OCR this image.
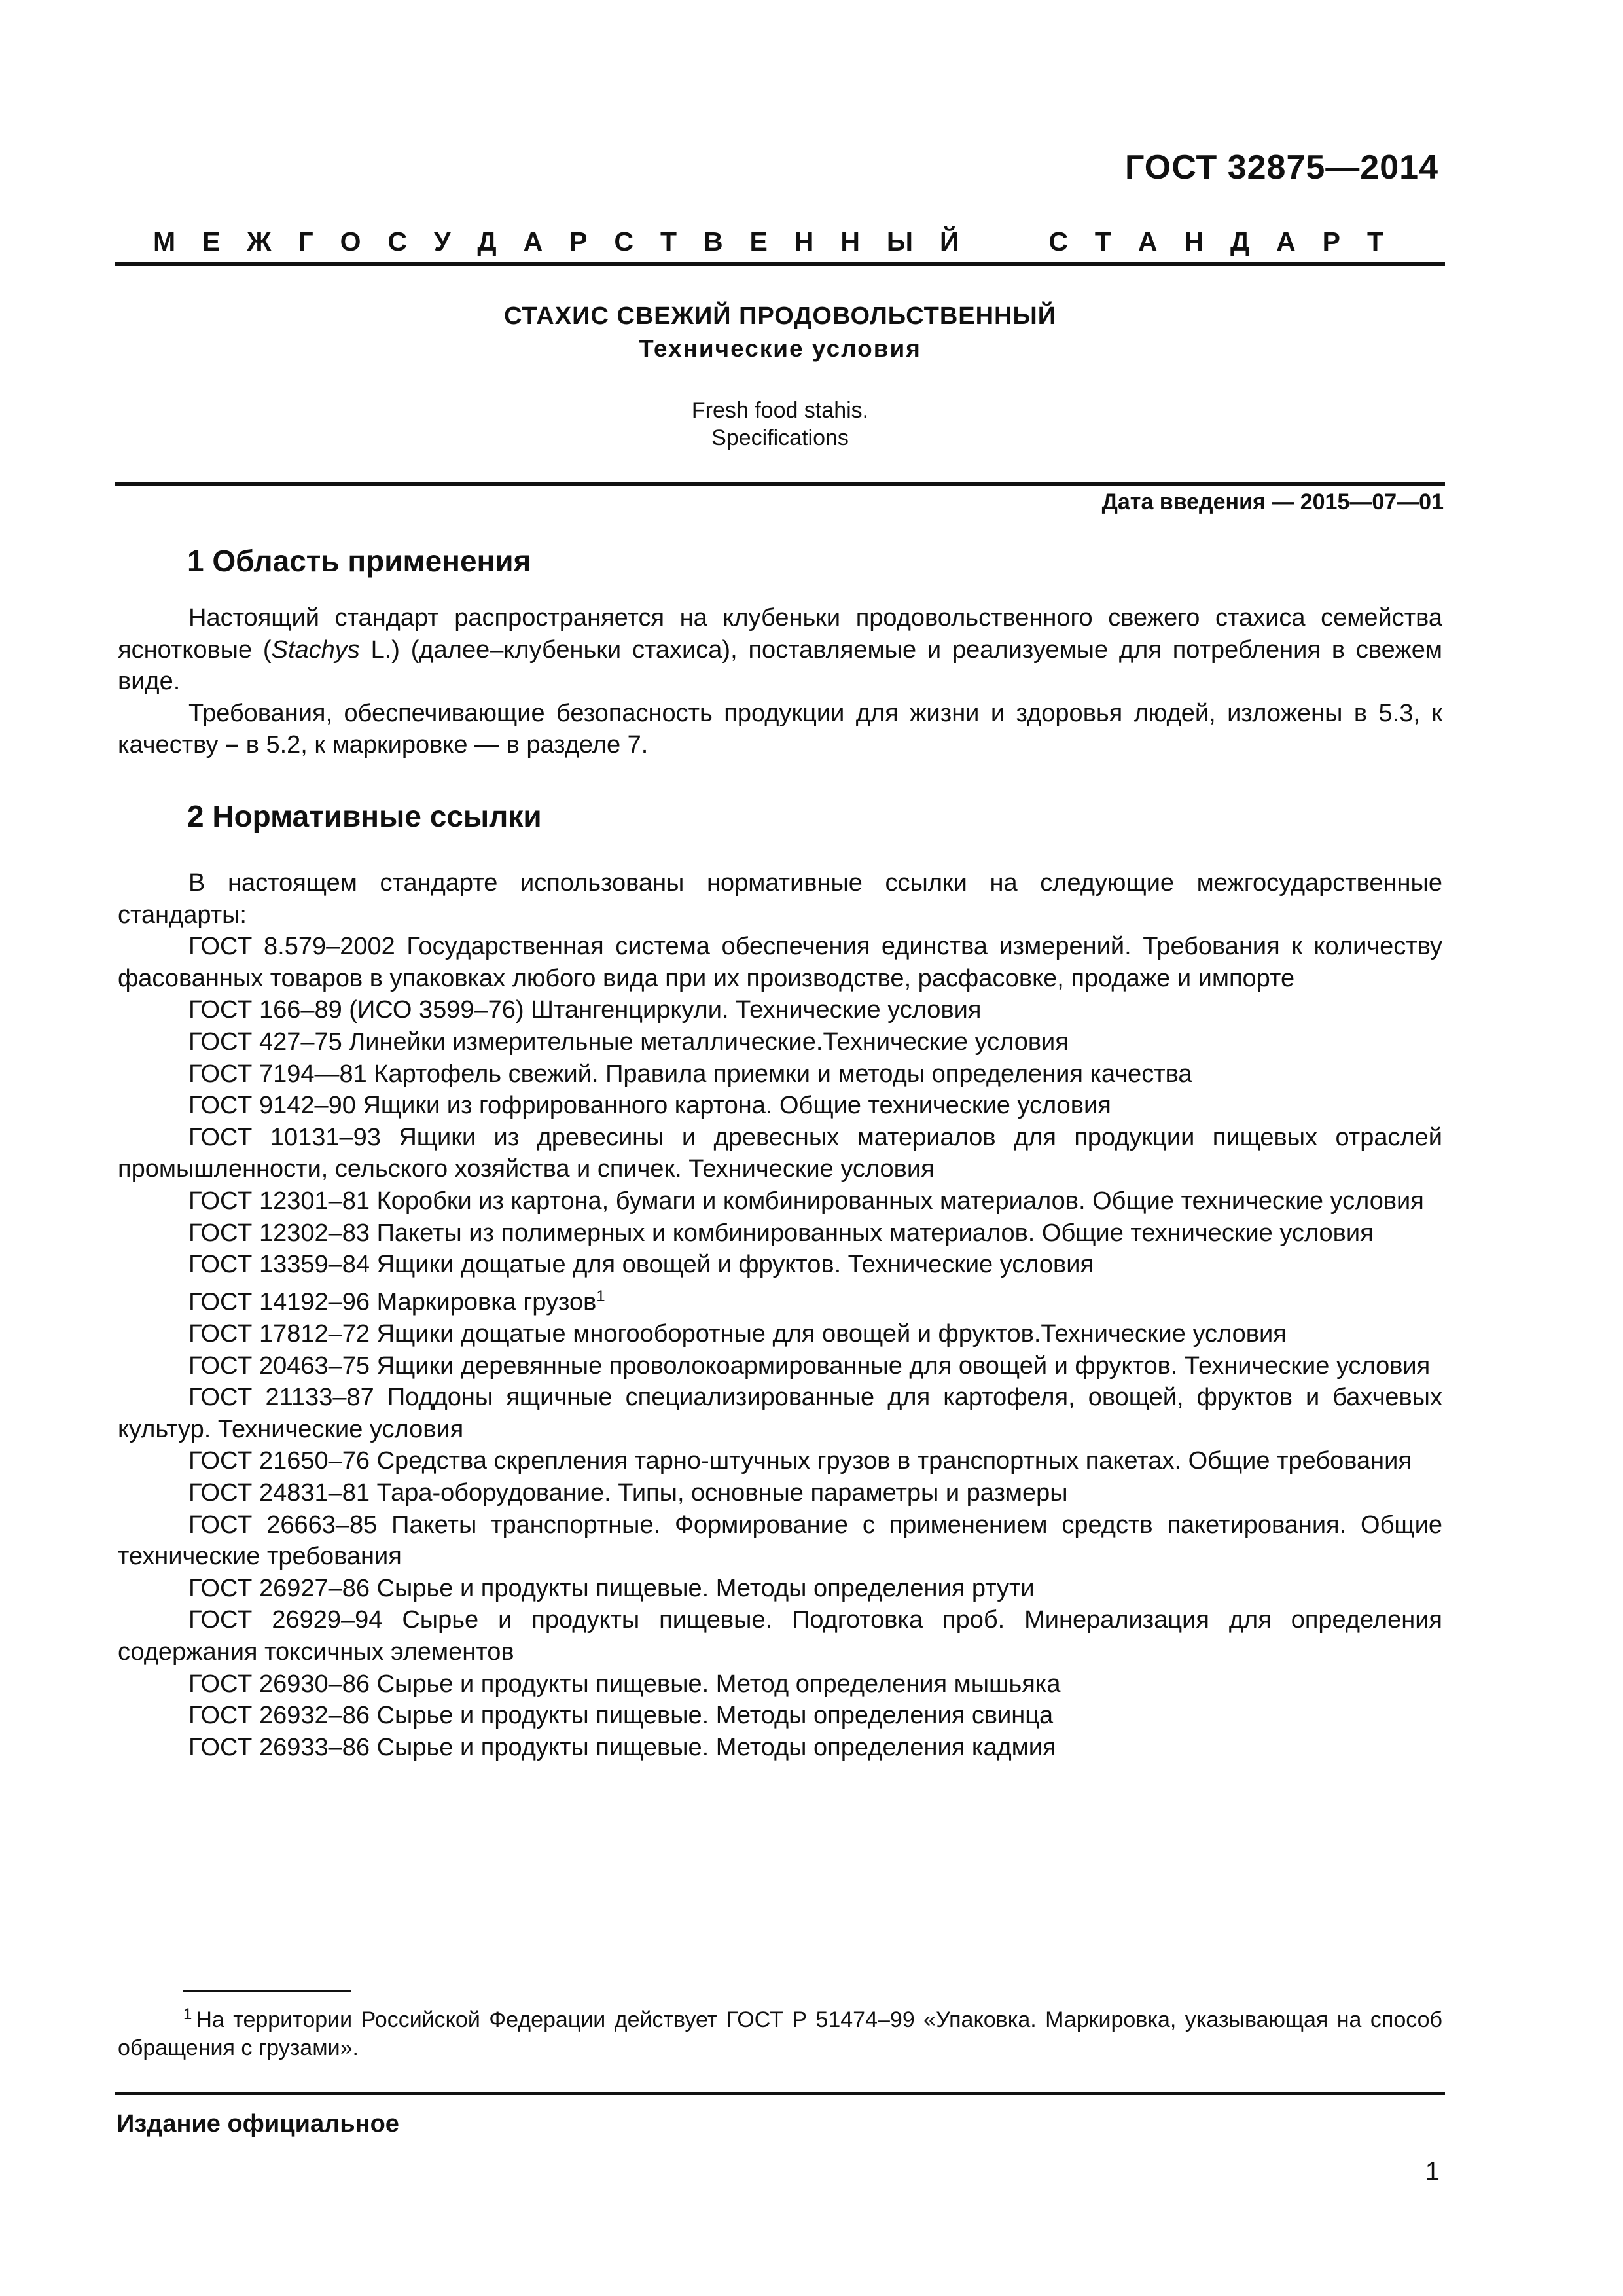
ГОСТ 32875—2014
М Е Ж Г О С У Д А Р С Т В Е Н Н Ы Й	С Т А Н Д А Р Т
СТАХИС СВЕЖИЙ ПРОДОВОЛЬСТВЕННЫЙ
Технические условия
Fresh food stahis.
Specifications
Дата введения — 2015—07—01
1 Область применения

Настоящий стандарт распространяется на клубеньки продовольственного свежего стахиса семейства яснотковые (Stachys L.) (далее–клубеньки стахиса), поставляемые и реализуемые для потребления в свежем виде.

Требования, обеспечивающие безопасность продукции для жизни и здоровья людей, изложены в 5.3, к качеству – в 5.2, к маркировке — в разделе 7.

2 Нормативные ссылки

В настоящем стандарте использованы нормативные ссылки на следующие межгосударственные стандарты:

ГОСТ 8.579–2002 Государственная система обеспечения единства измерений. Требования к количеству фасованных товаров в упаковках любого вида при их производстве, расфасовке, продаже и импорте

ГОСТ 166–89 (ИСО 3599–76) Штангенциркули. Технические условия

ГОСТ 427–75 Линейки измерительные металлические.Технические условия

ГОСТ 7194—81 Картофель свежий. Правила приемки и методы определения качества

ГОСТ 9142–90 Ящики из гофрированного картона. Общие технические условия

ГОСТ 10131–93 Ящики из древесины и древесных материалов для продукции пищевых отраслей промышленности, сельского хозяйства и спичек. Технические условия

ГОСТ 12301–81 Коробки из картона, бумаги и комбинированных материалов. Общие технические условия

ГОСТ 12302–83 Пакеты из полимерных и комбинированных материалов. Общие технические условия

ГОСТ 13359–84 Ящики дощатые для овощей и фруктов. Технические условия

ГОСТ 14192–96 Маркировка грузов$^1$

ГОСТ 17812–72 Ящики дощатые многооборотные для овощей и фруктов.Технические условия

ГОСТ 20463–75 Ящики деревянные проволокоармированные для овощей и фруктов. Технические условия

ГОСТ 21133–87 Поддоны ящичные специализированные для картофеля, овощей, фруктов и бахчевых культур. Технические условия

ГОСТ 21650–76 Средства скрепления тарно-штучных грузов в транспортных пакетах. Общие требования

ГОСТ 24831–81 Тара-оборудование. Типы, основные параметры и размеры

ГОСТ 26663–85 Пакеты транспортные. Формирование с применением средств пакетирования. Общие технические требования

ГОСТ 26927–86 Сырье и продукты пищевые. Методы определения ртути

ГОСТ 26929–94 Сырье и продукты пищевые. Подготовка проб. Минерализация для определения содержания токсичных элементов

ГОСТ 26930–86 Сырье и продукты пищевые. Метод определения мышьяка

ГОСТ 26932–86 Сырье и продукты пищевые. Методы определения свинца

ГОСТ 26933–86 Сырье и продукты пищевые. Методы определения кадмия

$^1$ На территории Российской Федерации действует ГОСТ Р 51474–99 «Упаковка. Маркировка, указывающая на способ обращения с грузами».
Издание официальное
1
